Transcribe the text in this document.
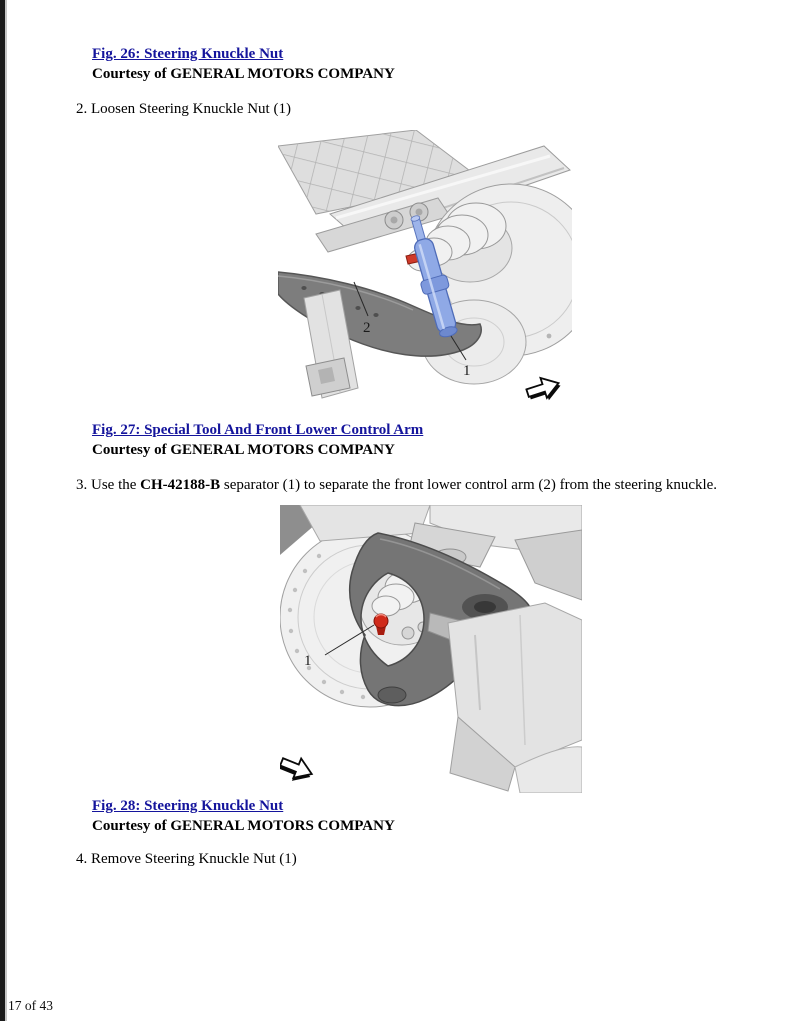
Fig. 26: Steering Knuckle Nut
Courtesy of GENERAL MOTORS COMPANY
2. Loosen Steering Knuckle Nut (1)
2
1
Fig. 27: Special Tool And Front Lower Control Arm
Courtesy of GENERAL MOTORS COMPANY
3. Use the CH-42188-B separator (1) to separate the front lower control arm (2) from the steering knuckle.
1
Fig. 28: Steering Knuckle Nut
Courtesy of GENERAL MOTORS COMPANY
4. Remove Steering Knuckle Nut (1)
17 of 43
